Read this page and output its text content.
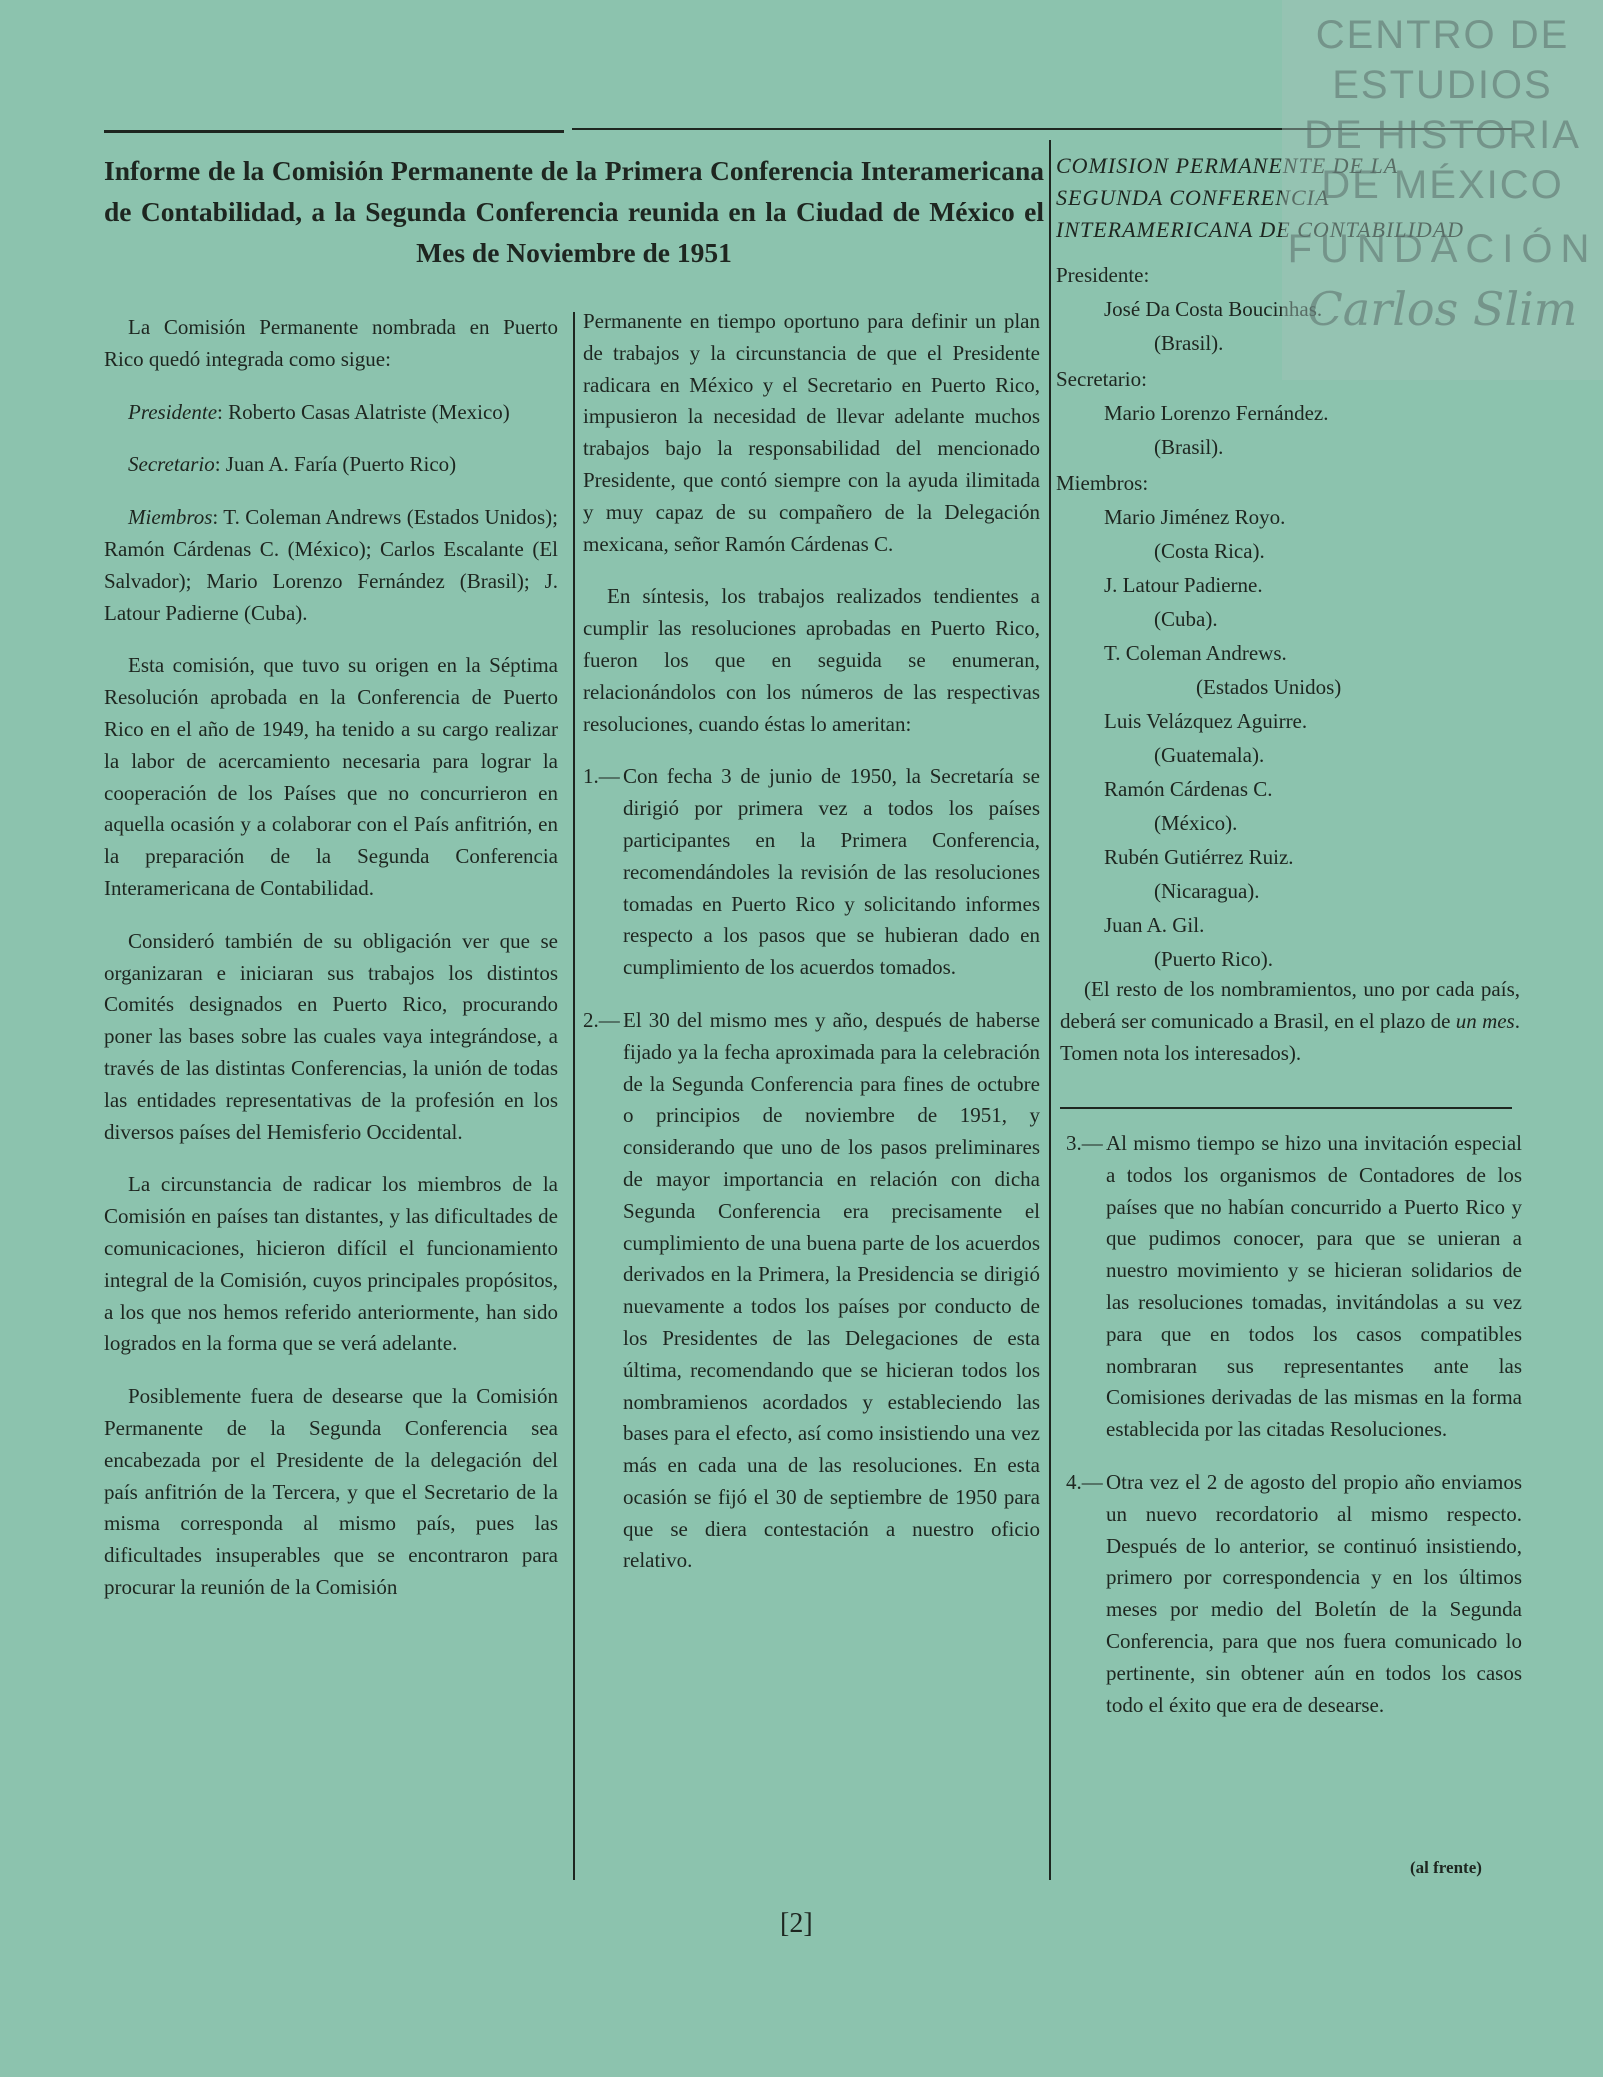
Informe de la Comisión Permanente de la Primera Conferencia Interamericana de Contabilidad, a la Segunda Conferencia reunida en la Ciudad de México el Mes de Noviembre de 1951

La Comisión Permanente nombrada en Puerto Rico quedó integrada como sigue:

Presidente: Roberto Casas Alatriste (Mexico)

Secretario: Juan A. Faría (Puerto Rico)

Miembros: T. Coleman Andrews (Estados Unidos); Ramón Cárdenas C. (México); Carlos Escalante (El Salvador); Mario Lorenzo Fernández (Brasil); J. Latour Padierne (Cuba).

Esta comisión, que tuvo su origen en la Séptima Resolución aprobada en la Conferencia de Puerto Rico en el año de 1949, ha tenido a su cargo realizar la labor de acercamiento necesaria para lograr la cooperación de los Países que no concurrieron en aquella ocasión y a colaborar con el País anfitrión, en la preparación de la Segunda Conferencia Interamericana de Contabilidad.

Consideró también de su obligación ver que se organizaran e iniciaran sus trabajos los distintos Comités designados en Puerto Rico, procurando poner las bases sobre las cuales vaya integrándose, a través de las distintas Conferencias, la unión de todas las entidades representativas de la profesión en los diversos países del Hemisferio Occidental.

La circunstancia de radicar los miembros de la Comisión en países tan distantes, y las dificultades de comunicaciones, hicieron difícil el funcionamiento integral de la Comisión, cuyos principales propósitos, a los que nos hemos referido anteriormente, han sido logrados en la forma que se verá adelante.

Posiblemente fuera de desearse que la Comisión Permanente de la Segunda Conferencia sea encabezada por el Presidente de la delegación del país anfitrión de la Tercera, y que el Secretario de la misma corresponda al mismo país, pues las dificultades insuperables que se encontraron para procurar la reunión de la Comisión

Permanente en tiempo oportuno para definir un plan de trabajos y la circunstancia de que el Presidente radicara en México y el Secretario en Puerto Rico, impusieron la necesidad de llevar adelante muchos trabajos bajo la responsabilidad del mencionado Presidente, que contó siempre con la ayuda ilimitada y muy capaz de su compañero de la Delegación mexicana, señor Ramón Cárdenas C.

En síntesis, los trabajos realizados tendientes a cumplir las resoluciones aprobadas en Puerto Rico, fueron los que en seguida se enumeran, relacionándolos con los números de las respectivas resoluciones, cuando éstas lo ameritan:

1.— Con fecha 3 de junio de 1950, la Secretaría se dirigió por primera vez a todos los países participantes en la Primera Conferencia, recomendándoles la revisión de las resoluciones tomadas en Puerto Rico y solicitando informes respecto a los pasos que se hubieran dado en cumplimiento de los acuerdos tomados.
2.— El 30 del mismo mes y año, después de haberse fijado ya la fecha aproximada para la celebración de la Segunda Conferencia para fines de octubre o principios de noviembre de 1951, y considerando que uno de los pasos preliminares de mayor importancia en relación con dicha Segunda Conferencia era precisamente el cumplimiento de una buena parte de los acuerdos derivados en la Primera, la Presidencia se dirigió nuevamente a todos los países por conducto de los Presidentes de las Delegaciones de esta última, recomendando que se hicieran todos los nombramienos acordados y estableciendo las bases para el efecto, así como insistiendo una vez más en cada una de las resoluciones. En esta ocasión se fijó el 30 de septiembre de 1950 para que se diera contestación a nuestro oficio relativo.
COMISION PERMANENTE DE LA SEGUNDA CONFERENCIA INTERAMERICANA DE CONTABILIDAD
Presidente:
José Da Costa Boucinhas.
(Brasil).
Secretario:
Mario Lorenzo Fernández.
(Brasil).
Miembros:
Mario Jiménez Royo.
(Costa Rica).
J. Latour Padierne.
(Cuba).
T. Coleman Andrews.
(Estados Unidos)
Luis Velázquez Aguirre.
(Guatemala).
Ramón Cárdenas C.
(México).
Rubén Gutiérrez Ruiz.
(Nicaragua).
Juan A. Gil.
(Puerto Rico).

(El resto de los nombramientos, uno por cada país, deberá ser comunicado a Brasil, en el plazo de un mes. Tomen nota los interesados).

3.— Al mismo tiempo se hizo una invitación especial a todos los organismos de Contadores de los países que no habían concurrido a Puerto Rico y que pudimos conocer, para que se unieran a nuestro movimiento y se hicieran solidarios de las resoluciones tomadas, invitándolas a su vez para que en todos los casos compatibles nombraran sus representantes ante las Comisiones derivadas de las mismas en la forma establecida por las citadas Resoluciones.
4.— Otra vez el 2 de agosto del propio año enviamos un nuevo recordatorio al mismo respecto. Después de lo anterior, se continuó insistiendo, primero por correspondencia y en los últimos meses por medio del Boletín de la Segunda Conferencia, para que nos fuera comunicado lo pertinente, sin obtener aún en todos los casos todo el éxito que era de desearse.
(al frente)
[2]
CENTRO DE
ESTUDIOS
DE HISTORIA
DE MÉXICO
FUNDACIÓN
Carlos Slim
